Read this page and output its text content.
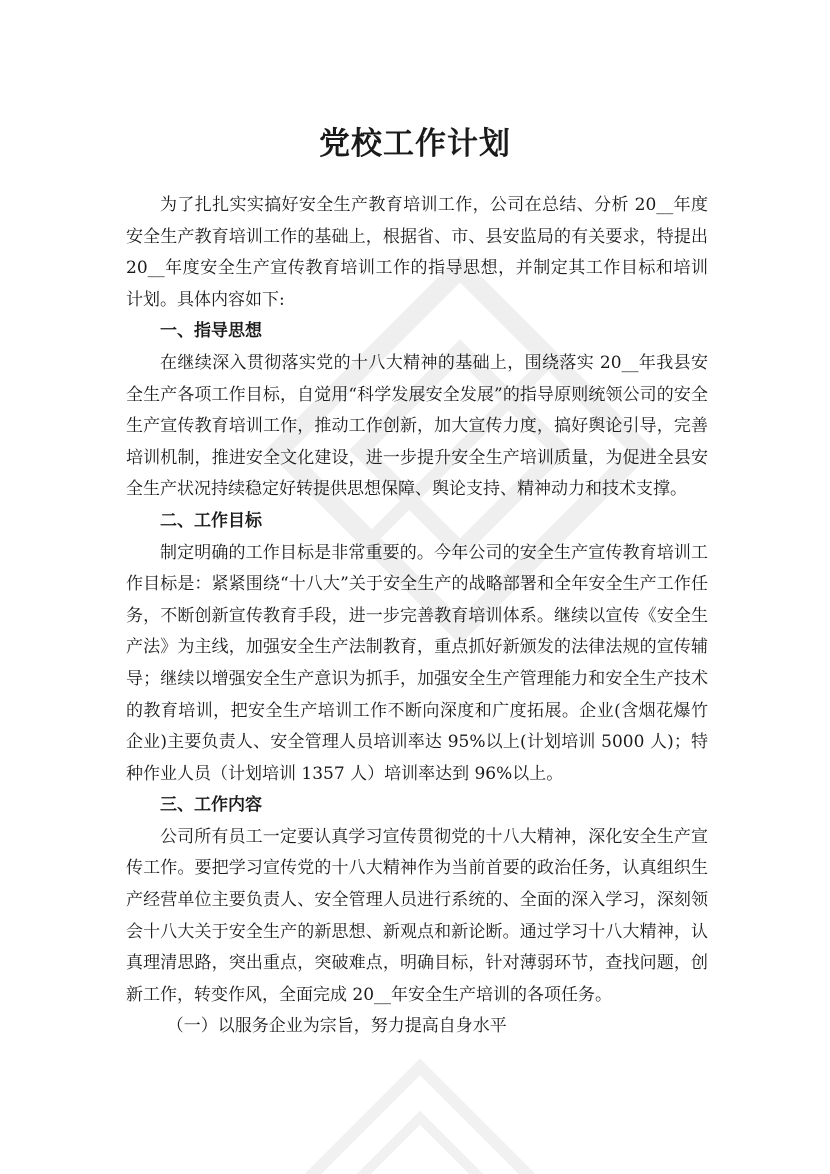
党校工作计划

为了扎扎实实搞好安全生产教育培训工作，公司在总结、分析 20__年度安全生产教育培训工作的基础上，根据省、市、县安监局的有关要求，特提出 20__年度安全生产宣传教育培训工作的指导思想，并制定其工作目标和培训计划。具体内容如下:

一、指导思想

在继续深入贯彻落实党的十八大精神的基础上，围绕落实 20__年我县安全生产各项工作目标，自觉用“科学发展安全发展”的指导原则统领公司的安全生产宣传教育培训工作，推动工作创新，加大宣传力度，搞好舆论引导，完善培训机制，推进安全文化建设，进一步提升安全生产培训质量，为促进全县安全生产状况持续稳定好转提供思想保障、舆论支持、精神动力和技术支撑。

二、工作目标

制定明确的工作目标是非常重要的。今年公司的安全生产宣传教育培训工作目标是：紧紧围绕“十八大”关于安全生产的战略部署和全年安全生产工作任务，不断创新宣传教育手段，进一步完善教育培训体系。继续以宣传《安全生产法》为主线，加强安全生产法制教育，重点抓好新颁发的法律法规的宣传辅导；继续以增强安全生产意识为抓手，加强安全生产管理能力和安全生产技术的教育培训，把安全生产培训工作不断向深度和广度拓展。企业(含烟花爆竹企业)主要负责人、安全管理人员培训率达 95%以上(计划培训 5000 人)；特种作业人员（计划培训 1357 人）培训率达到 96%以上。

三、工作内容

公司所有员工一定要认真学习宣传贯彻党的十八大精神，深化安全生产宣传工作。要把学习宣传党的十八大精神作为当前首要的政治任务，认真组织生产经营单位主要负责人、安全管理人员进行系统的、全面的深入学习，深刻领会十八大关于安全生产的新思想、新观点和新论断。通过学习十八大精神，认真理清思路，突出重点，突破难点，明确目标，针对薄弱环节，查找问题，创新工作，转变作风，全面完成 20__年安全生产培训的各项任务。

（一）以服务企业为宗旨，努力提高自身水平
